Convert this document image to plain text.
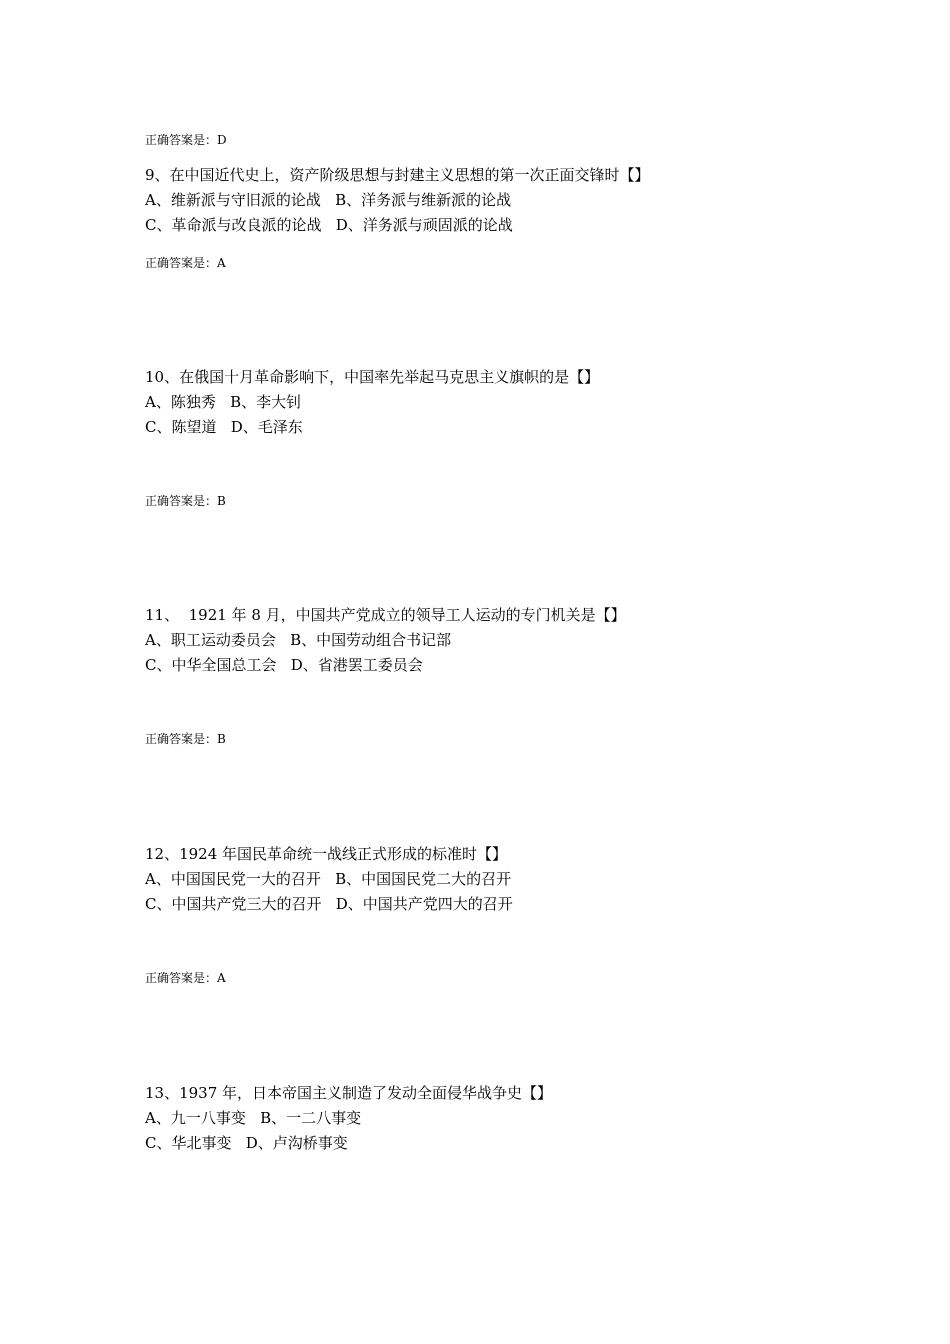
正确答案是：D
9、在中国近代史上，资产阶级思想与封建主义思想的第一次正面交锋时【】
A、维新派与守旧派的论战   B、洋务派与维新派的论战
C、革命派与改良派的论战   D、洋务派与顽固派的论战
正确答案是：A
10、在俄国十月革命影响下，中国率先举起马克思主义旗帜的是【】
A、陈独秀   B、李大钊
C、陈望道   D、毛泽东
正确答案是：B
11、  1921 年 8 月，中国共产党成立的领导工人运动的专门机关是【】
A、职工运动委员会   B、中国劳动组合书记部
C、中华全国总工会   D、省港罢工委员会
正确答案是：B
12、1924 年国民革命统一战线正式形成的标准时【】
A、中国国民党一大的召开   B、中国国民党二大的召开
C、中国共产党三大的召开   D、中国共产党四大的召开
正确答案是：A
13、1937 年，日本帝国主义制造了发动全面侵华战争史【】
A、九一八事变   B、一二八事变
C、华北事变   D、卢沟桥事变
